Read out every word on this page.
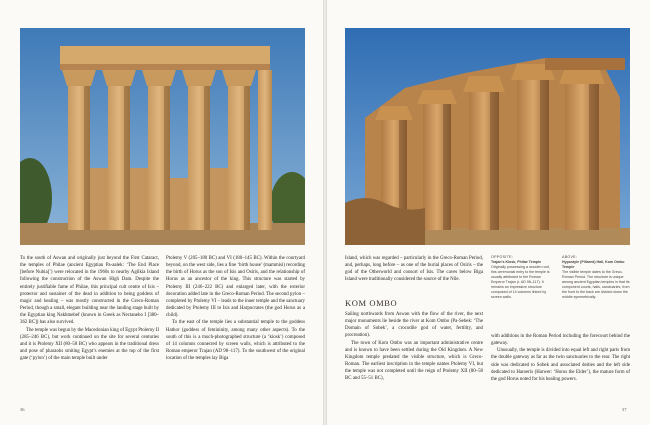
To the south of Aswan and originally just beyond the First Cataract, the temples of Philae (ancient Egyptian Pa-aalek: ‘The End Place [before Nubia]’) were relocated in the 1960s to nearby Agilkia Island following the construction of the Aswan High Dam. Despite the entirely justifiable fame of Philae, this principal cult centre of Isis – protector and sustainer of the dead in addition to being goddess of magic and healing – was mostly constructed in the Greco-Roman Period, though a small, elegant building near the landing stage built by the Egyptian king Nakhtnebef (known in Greek as Nectanebo I [380–362 BC]) has also survived.

The temple was begun by the Macedonian king of Egypt Ptolemy II (285–246 BC), but work continued on the site for several centuries and it is Ptolemy XII (80–58 BC) who appears in the traditional dress and pose of pharaohs smiting Egypt’s enemies at the top of the first gate (‘pylon’) of the main temple built under

Ptolemy V (205–180 BC) and VI (180–145 BC). Within the courtyard beyond, on the west side, lies a fine ‘birth house’ (mammisi) recording the birth of Horus as the son of Isis and Osiris, and the relationship of Horus as an ancestor of the king. This structure was started by Ptolemy III (246–222 BC) and enlarged later, with the exterior decoration added late in the Greco-Roman Period. The second pylon – completed by Ptolemy VI – leads to the inner temple and the sanctuary dedicated by Ptolemy III to Isis and Harpocrates (the god Horus as a child).

To the east of the temple lies a substantial temple to the goddess Hathor (goddess of femininity, among many other aspects). To the south of this is a much-photographed structure (a ‘kiosk’) composed of 14 columns connected by screen walls, which is attributed to the Roman emperor Trajan (AD 98–117). To the southwest of the original location of the temples lay Biga

Island, which was regarded – particularly in the Greco-Roman Period, and, perhaps, long before – as one of the burial places of Osiris – the god of the Otherworld and consort of Isis. The caves below Biga Island were traditionally considered the source of the Nile.

KOM OMBO

Sailing northwards from Aswan with the flow of the river, the next major monuments lie beside the river at Kom Ombo (Pa-Sebek: ‘The Domain of Sobek’, a crocodile god of water, fertility, and procreation).

The town of Kom Ombo was an important administrative centre and is known to have been settled during the Old Kingdom. A New Kingdom temple predated the visible structure, which is Greco-Roman. The earliest inscription in the temple names Ptolemy VI, but the temple was not completed until the reign of Ptolemy XII (80–58 BC and 55–51 BC),

OPPOSITE:
Trajan's Kiosk, Philae Temple
Originally possessing a wooden roof, this ceremonial entry to the temple is usually attributed to the Roman Emperor Trajan (r. AD 98–117). It remains an impressive structure composed of 14 columns linked by screen walls.
ABOVE:
Hypostyle (Pillared) Hall, Kom Ombo Temple
The visible temple dates to the Greco-Roman Period. The structure is unique among ancient Egyptian temples in that its component courts, halls, sanctuaries, from the front to the back are divided down the middle symmetrically.

with additions in the Roman Period including the forecourt behind the gateway.

Unusually, the temple is divided into equal left and right parts from the double gateway as far as the twin sanctuaries to the rear. The right side was dedicated to Sobek and associated deities and the left side dedicated to Haroeris (Harwer: ‘Horus the Elder’), the mature form of the god Horus noted for his healing powers.

36	37
